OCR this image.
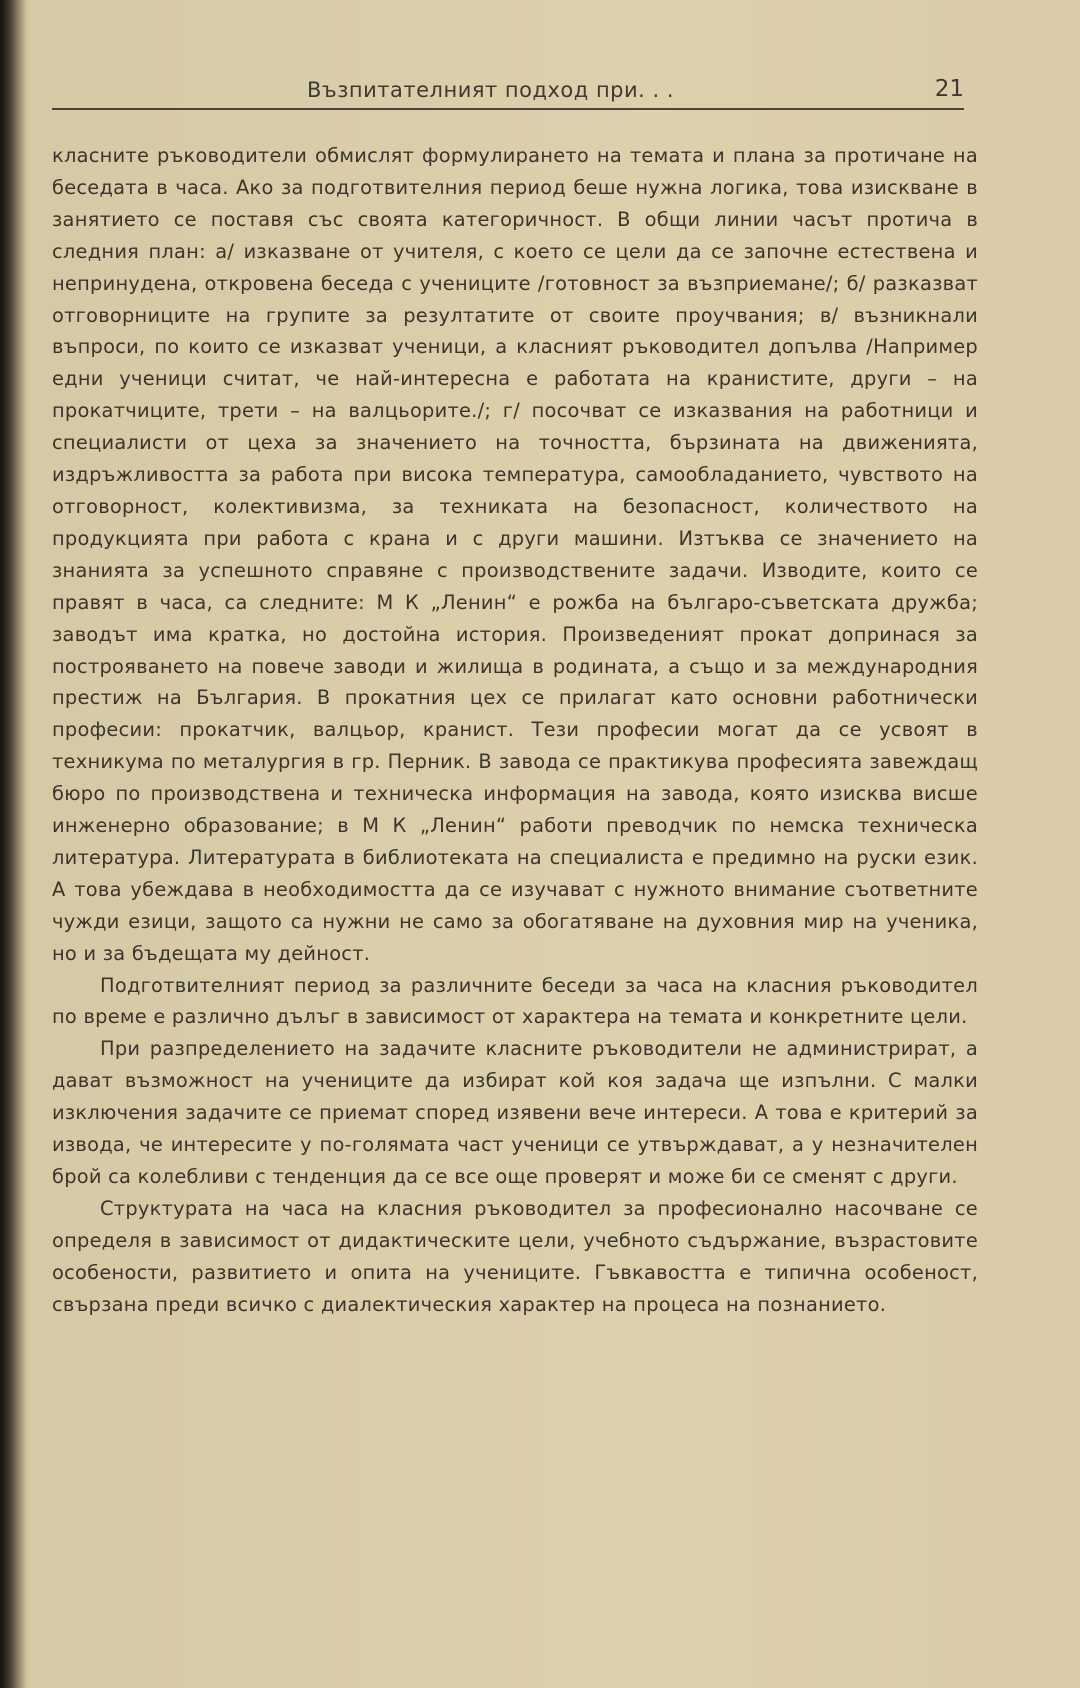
Възпитателният подход при. . .	21

класните ръководители обмислят формулирането на темата и плана за протичане на беседата в часа. Ако за подготвителния период беше нужна логика, това изискване в занятието се поставя със своята категоричност. В общи линии часът протича в следния план: а/ изказване от учителя, с което се цели да се започне естествена и непринудена, откровена беседа с учениците /готовност за възприемане/; б/ разказват отговорниците на групите за резултатите от своите проучвания; в/ възникнали въпроси, по които се изказват ученици, а класният ръководител допълва /Например едни ученици считат, че най-интересна е работата на кранистите, други – на прокатчиците, трети – на валцьорите./; г/ посочват се изказвания на работници и специалисти от цеха за значението на точността, бързината на движенията, издръжливостта за работа при висока температура, самообладанието, чувството на отговорност, колективизма, за техниката на безопасност, количеството на продукцията при работа с крана и с други машини. Изтъква се значението на знанията за успешното справяне с производствените задачи. Изводите, които се правят в часа, са следните: М К „Ленин“ е рожба на българо-съветската дружба; заводът има кратка, но достойна история. Произведеният прокат допринася за построяването на повече заводи и жилища в родината, а също и за международния престиж на България. В прокатния цех се прилагат като основни работнически професии: прокатчик, валцьор, кранист. Тези професии могат да се усвоят в техникума по металургия в гр. Перник. В завода се практикува професията завеждащ бюро по производствена и техническа информация на завода, която изисква висше инженерно образование; в М К „Ленин“ работи преводчик по немска техническа литература. Литературата в библиотеката на специалиста е предимно на руски език. А това убеждава в необходимостта да се изучават с нужното внимание съответните чужди езици, защото са нужни не само за обогатяване на духовния мир на ученика, но и за бъдещата му дейност.

Подготвителният период за различните беседи за часа на класния ръководител по време е различно дълъг в зависимост от характера на темата и конкретните цели.

При разпределението на задачите класните ръководители не администрират, а дават възможност на учениците да избират кой коя задача ще изпълни. С малки изключения задачите се приемат според изявени вече интереси. А това е критерий за извода, че интересите у по-голямата част ученици се утвърждават, а у незначителен брой са колебливи с тенденция да се все още проверят и може би се сменят с други.

Структурата на часа на класния ръководител за професионално насочване се определя в зависимост от дидактическите цели, учебното съдържание, възрастовите особености, развитието и опита на учениците. Гъвкавостта е типична особеност, свързана преди всичко с диалектическия характер на процеса на познанието.
